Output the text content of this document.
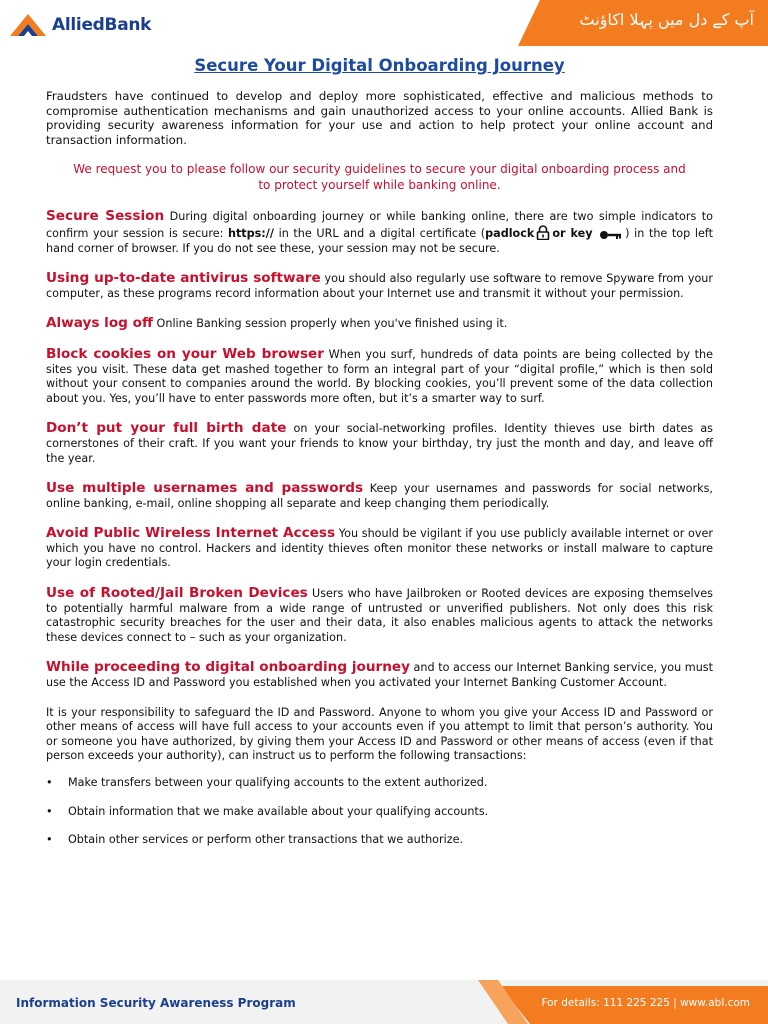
AlliedBank	آپ کے دل میں پہلا اکاؤنٹ
Secure Your Digital Onboarding Journey
Fraudsters have continued to develop and deploy more sophisticated, effective and malicious methods to compromise authentication mechanisms and gain unauthorized access to your online accounts. Allied Bank is providing security awareness information for your use and action to help protect your online account and transaction information.
We request you to please follow our security guidelines to secure your digital onboarding process and to protect yourself while banking online.
Secure Session During digital onboarding journey or while banking online, there are two simple indicators to confirm your session is secure: https:// in the URL and a digital certificate (padlock or key	) in the top left hand corner of browser. If you do not see these, your session may not be secure.
Using up-to-date antivirus software you should also regularly use software to remove Spyware from your computer, as these programs record information about your Internet use and transmit it without your permission.
Always log off Online Banking session properly when you've finished using it.
Block cookies on your Web browser When you surf, hundreds of data points are being collected by the sites you visit. These data get mashed together to form an integral part of your “digital profile,” which is then sold without your consent to companies around the world. By blocking cookies, you’ll prevent some of the data collection about you. Yes, you’ll have to enter passwords more often, but it’s a smarter way to surf.
Don’t put your full birth date on your social-networking profiles. Identity thieves use birth dates as cornerstones of their craft. If you want your friends to know your birthday, try just the month and day, and leave off the year.
Use multiple usernames and passwords Keep your usernames and passwords for social networks, online banking, e-mail, online shopping all separate and keep changing them periodically.
Avoid Public Wireless Internet Access You should be vigilant if you use publicly available internet or over which you have no control. Hackers and identity thieves often monitor these networks or install malware to capture your login credentials.
Use of Rooted/Jail Broken Devices Users who have Jailbroken or Rooted devices are exposing themselves to potentially harmful malware from a wide range of untrusted or unverified publishers. Not only does this risk catastrophic security breaches for the user and their data, it also enables malicious agents to attack the networks these devices connect to – such as your organization.
While proceeding to digital onboarding journey and to access our Internet Banking service, you must use the Access ID and Password you established when you activated your Internet Banking Customer Account.
It is your responsibility to safeguard the ID and Password. Anyone to whom you give your Access ID and Password or other means of access will have full access to your accounts even if you attempt to limit that person’s authority. You or someone you have authorized, by giving them your Access ID and Password or other means of access (even if that person exceeds your authority), can instruct us to perform the following transactions:
• Make transfers between your qualifying accounts to the extent authorized.
• Obtain information that we make available about your qualifying accounts.
• Obtain other services or perform other transactions that we authorize.
Information Security Awareness Program	For details: 111 225 225 | www.abl.com
